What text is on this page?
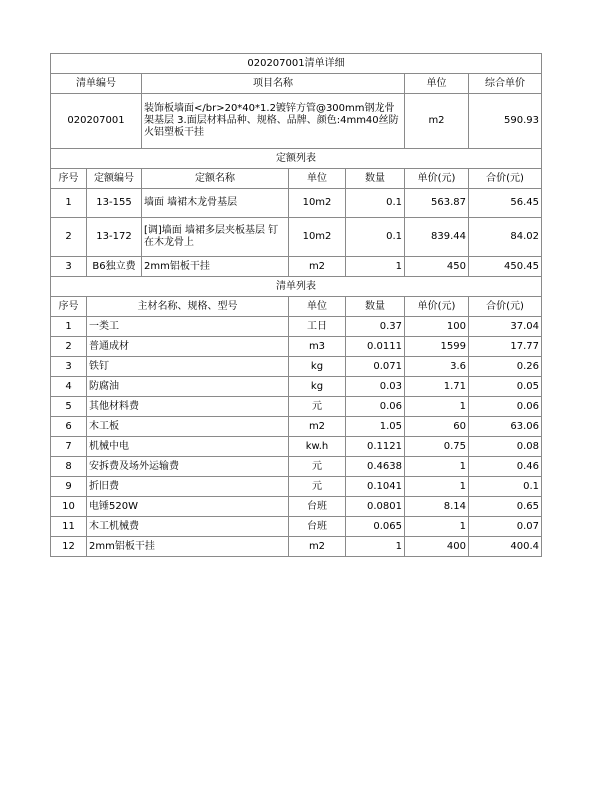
020207001清单详细						
清单编号		项目名称			单位	综合单价
020207001		装饰板墙面</br>20*40*1.2镀锌方管@300mm钢龙骨架基层 3.面层材料品种、规格、品牌、颜色:4mm40丝防火铝塑板干挂			m2	590.93
定额列表						
序号	定额编号	定额名称	单位	数量	单价(元)	合价(元)
1	13-155	墙面 墙裙木龙骨基层	10m2	0.1	563.87	56.45
2	13-172	[调]墙面 墙裙多层夹板基层 钉在木龙骨上	10m2	0.1	839.44	84.02
3	B6独立费	2mm铝板干挂	m2	1	450	450.45
清单列表						
序号	主材名称、规格、型号		单位	数量	单价(元)	合价(元)
1	一类工		工日	0.37	100	37.04
2	普通成材		m3	0.0111	1599	17.77
3	铁钉		kg	0.071	3.6	0.26
4	防腐油		kg	0.03	1.71	0.05
5	其他材料费		元	0.06	1	0.06
6	木工板		m2	1.05	60	63.06
7	机械中电		kw.h	0.1121	0.75	0.08
8	安拆费及场外运输费		元	0.4638	1	0.46
9	折旧费		元	0.1041	1	0.1
10	电锤520W		台班	0.0801	8.14	0.65
11	木工机械费		台班	0.065	1	0.07
12	2mm铝板干挂		m2	1	400	400.4
